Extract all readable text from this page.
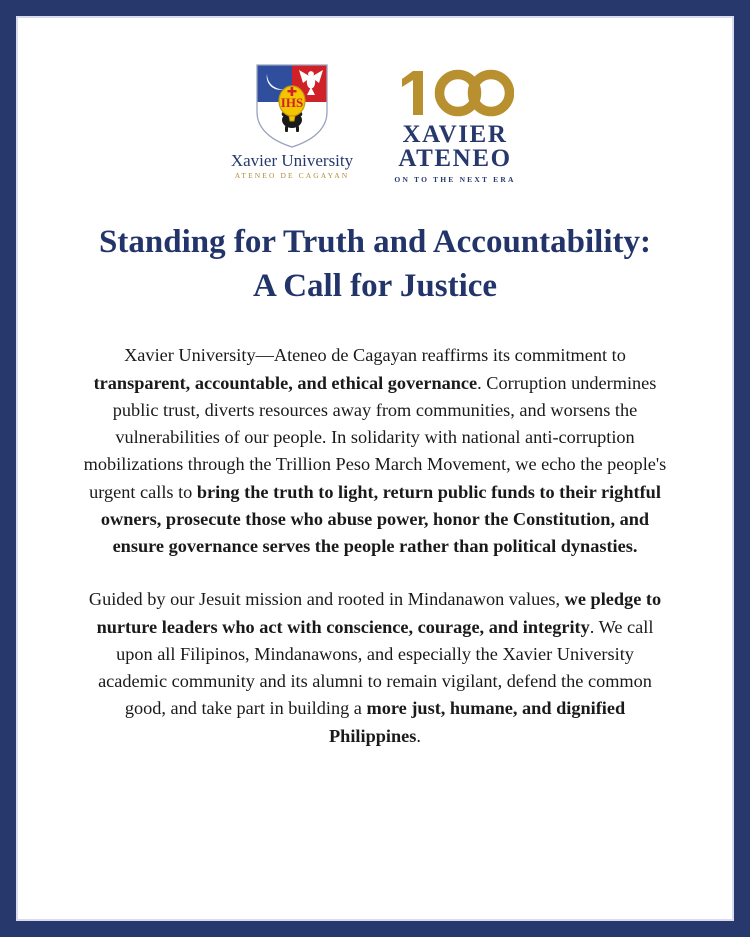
IHS
Xavier University
ATENEO DE CAGAYAN
XAVIER
ATENEO
ON TO THE NEXT ERA
Standing for Truth and Accountability:
A Call for Justice

Xavier University—Ateneo de Cagayan reaffirms its commitment to transparent, accountable, and ethical governance. Corruption undermines public trust, diverts resources away from communities, and worsens the vulnerabilities of our people. In solidarity with national anti-corruption mobilizations through the Trillion Peso March Movement, we echo the people's urgent calls to bring the truth to light, return public funds to their rightful owners, prosecute those who abuse power, honor the Constitution, and ensure governance serves the people rather than political dynasties.

Guided by our Jesuit mission and rooted in Mindanawon values, we pledge to nurture leaders who act with conscience, courage, and integrity. We call upon all Filipinos, Mindanawons, and especially the Xavier University academic community and its alumni to remain vigilant, defend the common good, and take part in building a more just, humane, and dignified Philippines.
